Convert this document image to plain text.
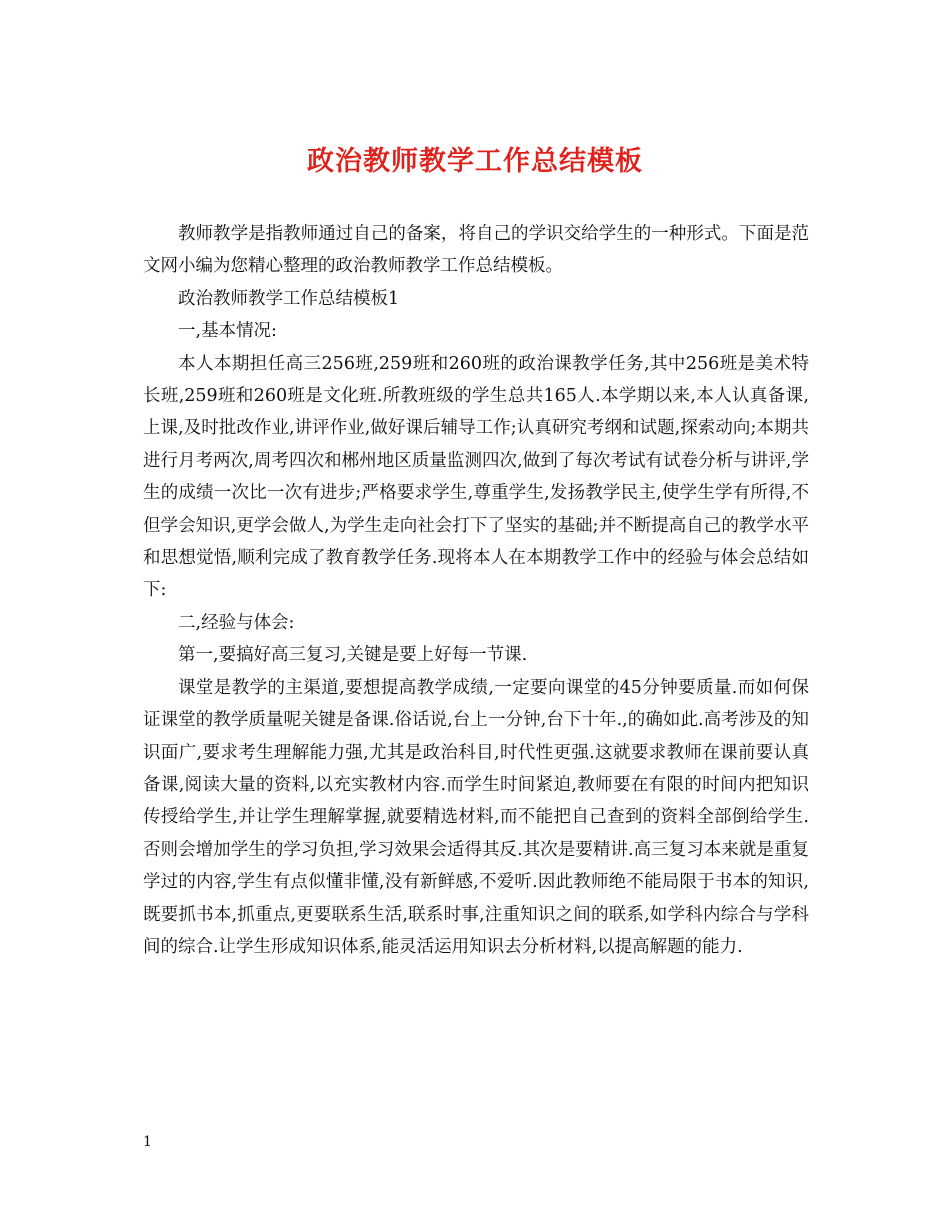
政治教师教学工作总结模板

教师教学是指教师通过自己的备案，将自己的学识交给学生的一种形式。下面是范文网小编为您精心整理的政治教师教学工作总结模板。

政治教师教学工作总结模板1

一,基本情况:

本人本期担任高三256班,259班和260班的政治课教学任务,其中256班是美术特长班,259班和260班是文化班.所教班级的学生总共165人.本学期以来,本人认真备课,上课,及时批改作业,讲评作业,做好课后辅导工作;认真研究考纲和试题,探索动向;本期共进行月考两次,周考四次和郴州地区质量监测四次,做到了每次考试有试卷分析与讲评,学生的成绩一次比一次有进步;严格要求学生,尊重学生,发扬教学民主,使学生学有所得,不但学会知识,更学会做人,为学生走向社会打下了坚实的基础;并不断提高自己的教学水平和思想觉悟,顺利完成了教育教学任务.现将本人在本期教学工作中的经验与体会总结如下:

二,经验与体会:

第一,要搞好高三复习,关键是要上好每一节课.

课堂是教学的主渠道,要想提高教学成绩,一定要向课堂的45分钟要质量.而如何保证课堂的教学质量呢关键是备课.俗话说,台上一分钟,台下十年.,的确如此.高考涉及的知识面广,要求考生理解能力强,尤其是政治科目,时代性更强.这就要求教师在课前要认真备课,阅读大量的资料,以充实教材内容.而学生时间紧迫,教师要在有限的时间内把知识传授给学生,并让学生理解掌握,就要精选材料,而不能把自己查到的资料全部倒给学生.否则会增加学生的学习负担,学习效果会适得其反.其次是要精讲.高三复习本来就是重复学过的内容,学生有点似懂非懂,没有新鲜感,不爱听.因此教师绝不能局限于书本的知识,既要抓书本,抓重点,更要联系生活,联系时事,注重知识之间的联系,如学科内综合与学科间的综合.让学生形成知识体系,能灵活运用知识去分析材料,以提高解题的能力.

1
